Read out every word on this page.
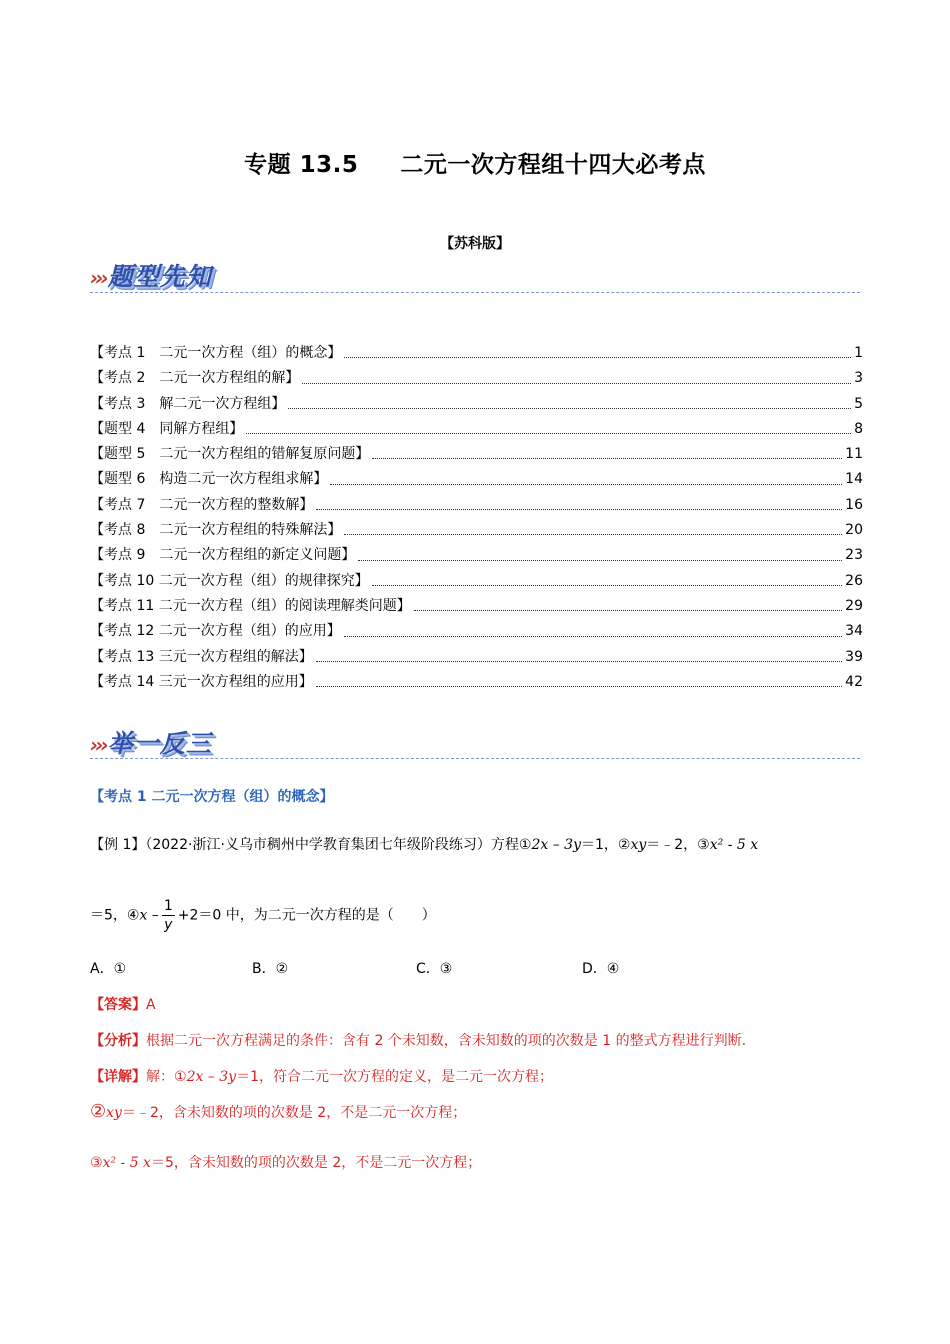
专题 13.5 二元一次方程组十四大必考点
【苏科版】
›››题型先知
【考点 1　二元一次方程（组）的概念】	1
【考点 2　二元一次方程组的解】	3
【考点 3　解二元一次方程组】	5
【题型 4　同解方程组】	8
【题型 5　二元一次方程组的错解复原问题】	11
【题型 6　构造二元一次方程组求解】	14
【考点 7　二元一次方程的整数解】	16
【考点 8　二元一次方程组的特殊解法】	20
【考点 9　二元一次方程组的新定义问题】	23
【考点 10 二元一次方程（组）的规律探究】	26
【考点 11 二元一次方程（组）的阅读理解类问题】	29
【考点 12 二元一次方程（组）的应用】	34
【考点 13 三元一次方程组的解法】	39
【考点 14 三元一次方程组的应用】	42
›››举一反三
【考点 1 二元一次方程（组）的概念】
【例 1】（2022·浙江·义乌市稠州中学教育集团七年级阶段练习）方程①2x – 3y＝1，②xy＝﹣2，③x² - 5 x
＝5，④x – $\frac{1}{y} +2=0$ 中，为二元一次方程的是（　　）
A．①	B．②	C．③	D．④
【答案】A
【分析】根据二元一次方程满足的条件：含有 2 个未知数，含未知数的项的次数是 1 的整式方程进行判断.
【详解】解：①2x – 3y＝1，符合二元一次方程的定义，是二元一次方程；
②xy＝﹣2，含未知数的项的次数是 2，不是二元一次方程；
③x² - 5 x＝5，含未知数的项的次数是 2，不是二元一次方程；
